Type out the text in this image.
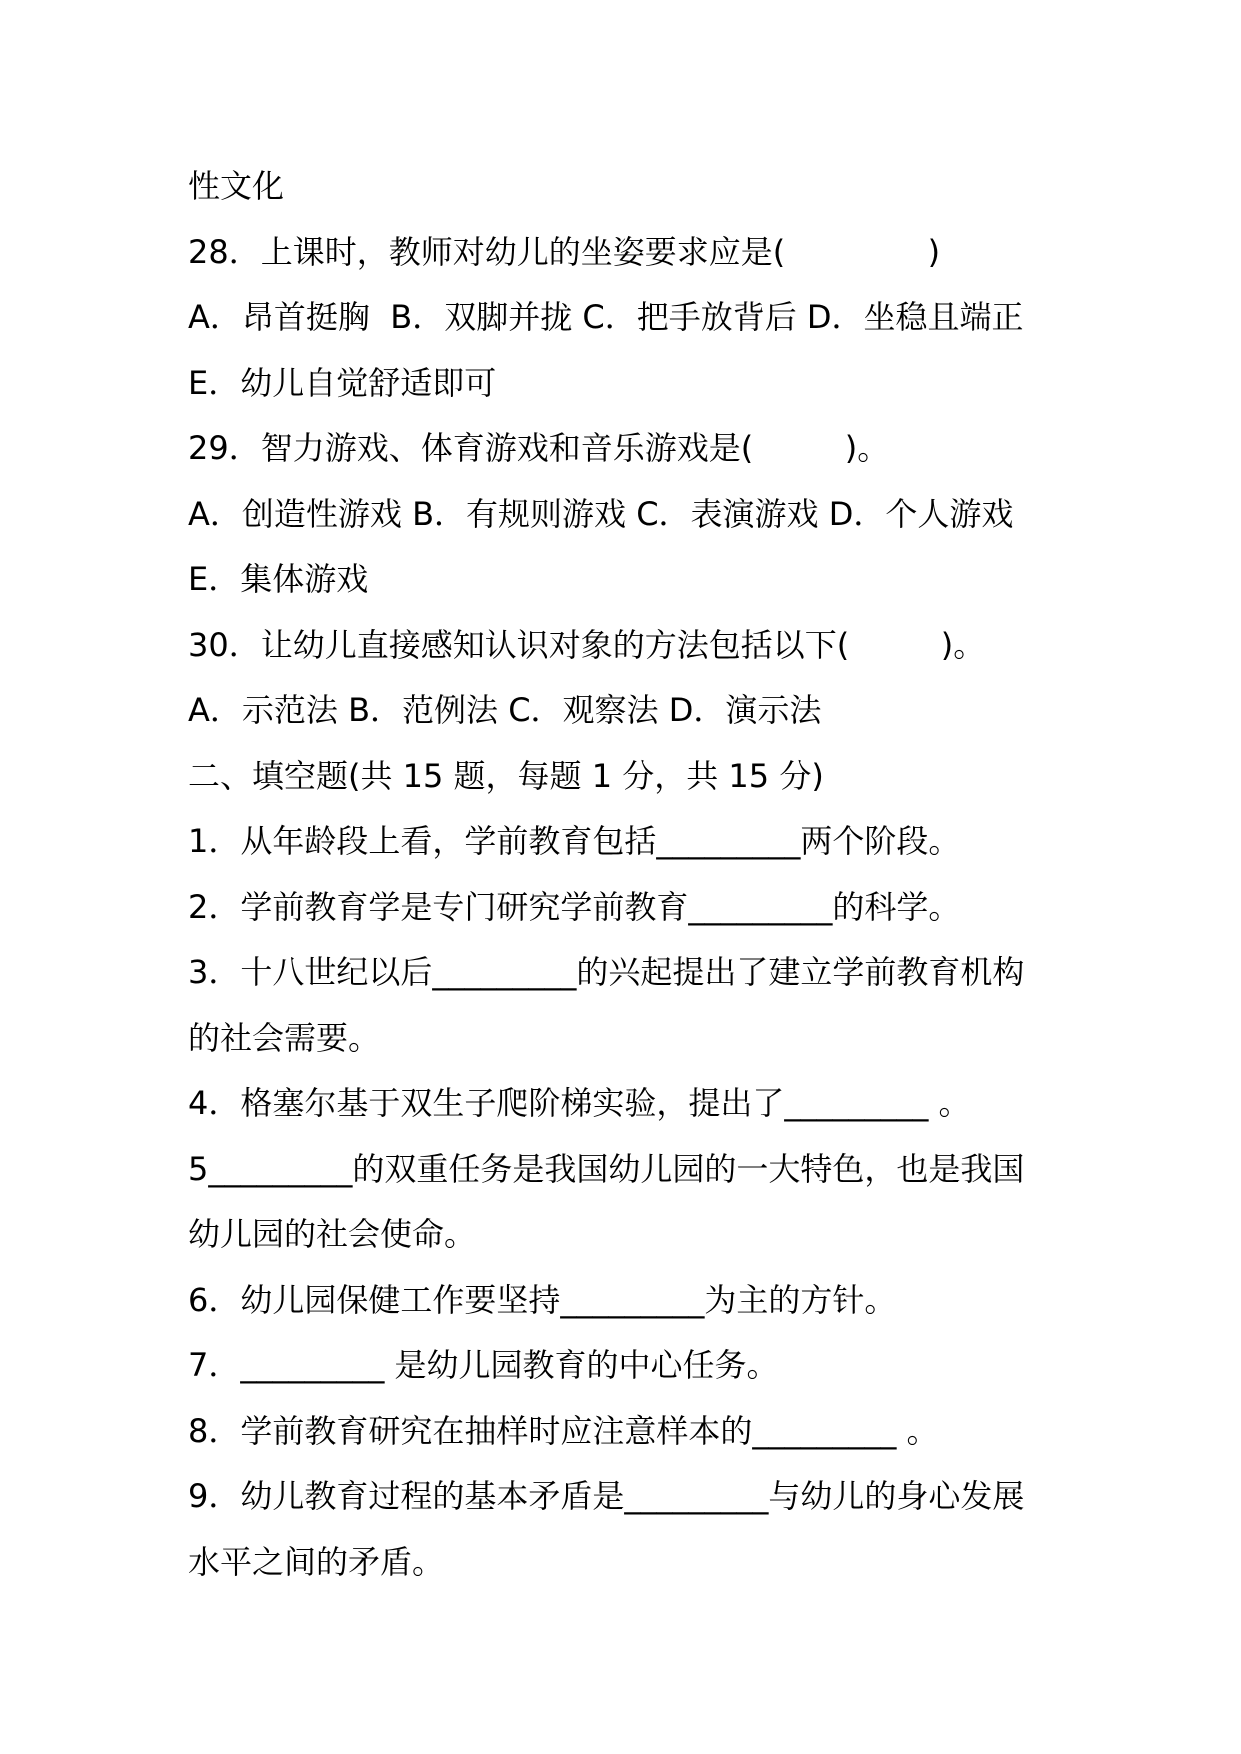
性文化
28．上课时，教师对幼儿的坐姿要求应是(              )
A．昂首挺胸  B．双脚并拢 C．把手放背后 D．坐稳且端正
E．幼儿自觉舒适即可
29．智力游戏、体育游戏和音乐游戏是(         )。
A．创造性游戏 B．有规则游戏 C．表演游戏 D．个人游戏
E．集体游戏
30．让幼儿直接感知认识对象的方法包括以下(         )。
A．示范法 B．范例法 C．观察法 D．演示法
二、填空题(共 15 题，每题 1 分，共 15 分)
1．从年龄段上看，学前教育包括_________两个阶段。
2．学前教育学是专门研究学前教育_________的科学。
3．十八世纪以后_________的兴起提出了建立学前教育机构
的社会需要。
4．格塞尔基于双生子爬阶梯实验，提出了_________ 。
5_________的双重任务是我国幼儿园的一大特色，也是我国
幼儿园的社会使命。
6．幼儿园保健工作要坚持_________为主的方针。
7．_________ 是幼儿园教育的中心任务。
8．学前教育研究在抽样时应注意样本的_________ 。
9．幼儿教育过程的基本矛盾是_________与幼儿的身心发展
水平之间的矛盾。
